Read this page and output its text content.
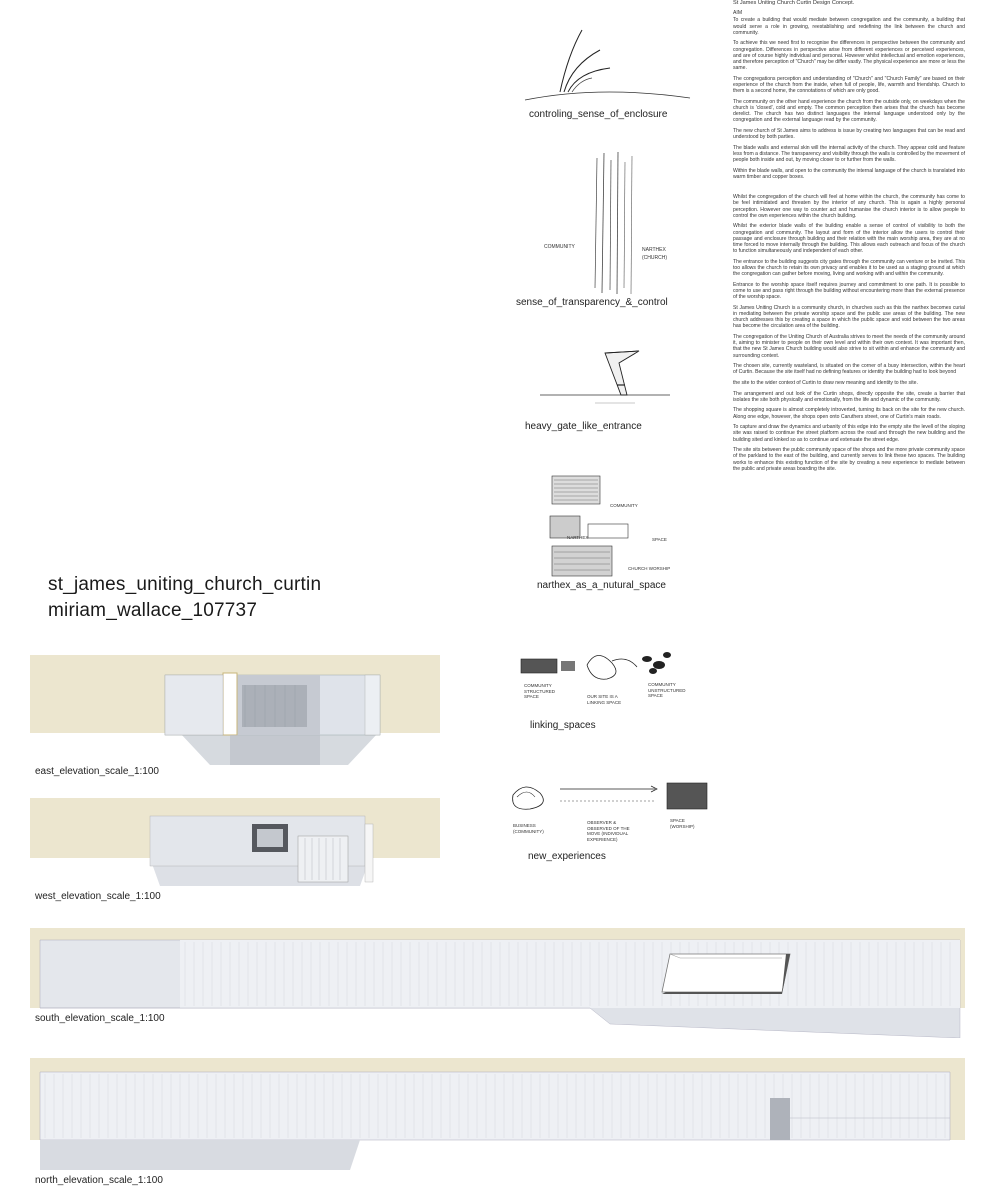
st_james_uniting_church_curtin
miriam_wallace_107737
controling_sense_of_enclosure
COMMUNITY	NARTHEX
(CHURCH)
sense_of_transparency_&_control
heavy_gate_like_entrance
COMMUNITY
NARTHEX	SPACE
CHURCH WORSHIP
narthex_as_a_nutural_space
COMMUNITY STRUCTURED SPACE	OUR SITE IS A LINKING SPACE
COMMUNITY UNSTRUCTURED SPACE
linking_spaces
BUSINESS (COMMUNITY)
OBSERVER & OBSERVED OF THE MOVE (INDIVIDUAL EXPERIENCE)
SPACE (WORSHIP)
new_experiences

St James Uniting Church Curtin Design Concept.

AIM

To create a building that would mediate between congregation and the community, a building that would serve a role in growing, reestablishing and redefining the link between the church and community.

To achieve this we need first to recognise the differences in perspective between the community and congregation. Differences in perspective arise from different experiences or perceived experiences, and are of course highly individual and personal. However whilst intellectual and emotion experiences, and therefore perception of "Church" may be differ vastly. The physical experience are more or less the same.

The congregations perception and understanding of "Church" and "Church Family" are based on their experience of the church from the inside, when full of people, life, warmth and friendship. Church to them is a second home, the connotations of which are only good.

The community on the other hand experience the church from the outside only, on weekdays when the church is 'closed', cold and empty. The common perception then arises that the church has become derelict. The church has two distinct languages the internal language understood only by the congregation and the external language read by the community.

The new church of St James aims to address is issue by creating two languages that can be read and understood by both parties.

The blade walls and external skin will the internal activity of the church. They appear cold and feature less from a distance. The transparency and visibility through the walls is controlled by the movement of people both inside and out, by moving closer to or further from the walls.

Within the blade walls, and open to the community the internal language of the church is translated into warm timber and copper boxes.

Whilst the congregation of the church will feel at home within the church, the community has come to be feel intimidated and threaten by the interior of any church. This is again a highly personal perception. However one way to counter act and humanise the church interior is to allow people to control the own experiences within the church building.

Whilst the exterior blade walls of the building enable a sense of control of visibility to both the congregation and community. The layout and form of the interior allow the users to control their passage and enclosure through building and their relation with the main worship area, they are at no time forced to move internally through the building. This allows each outreach and focus of the church to function simultaneously and independent of each other.

The entrance to the building suggests city gates through the community can venture or be invited. This too allows the church to retain its own privacy and enables it to be used as a staging ground at which the congregation can gather before moving, living and working with and within the community.

Entrance to the worship space itself requires journey and commitment to one path. It is possible to come to use and pass right through the building without encountering more than the external presence of the worship space.

St James Uniting Church is a community church, in churches such as this the narthex becomes curial in mediating between the private worship space and the public use areas of the building. The new church addresses this by creating a space in which the public space and void between the two areas has become the circulation area of the building.

The congregation of the Uniting Church of Australia strives to meet the needs of the community around it, aiming to minister to people on their own level and within their own context. It was important then, that the new St James Church building would also strive to sit within and enhance the community and surrounding context.

The chosen site, currently wasteland, is situated on the corner of a busy intersection, within the heart of Curtin. Because the site itself had no defining features or identity the building had to look beyond

the site to the wider context of Curtin to draw new meaning and identity to the site.

The arrangement and out look of the Curtin shops, directly opposite the site, create a barrier that isolates the site both physically and emotionally, from the life and dynamic of the community.

The shopping square is almost completely introverted, turning its back on the site for the new church. Along one edge, however, the shops open onto Caruthers street, one of Curtin's main roads.

To capture and draw the dynamics and urbanity of this edge into the empty site the levell of the sloping site was raised to continue the street platform across the road and through the new building and the building sited and kinked so as to continue and extenuate the street edge.

The site sits between the public community space of the shops and the more private community space of the parkland to the east of the building, and currently serves to link these two spaces. The building works to enhance this existing function of the site by creating a new experience to mediate between the public and private areas boarding the site.

east_elevation_scale_1:100
west_elevation_scale_1:100
south_elevation_scale_1:100
north_elevation_scale_1:100
